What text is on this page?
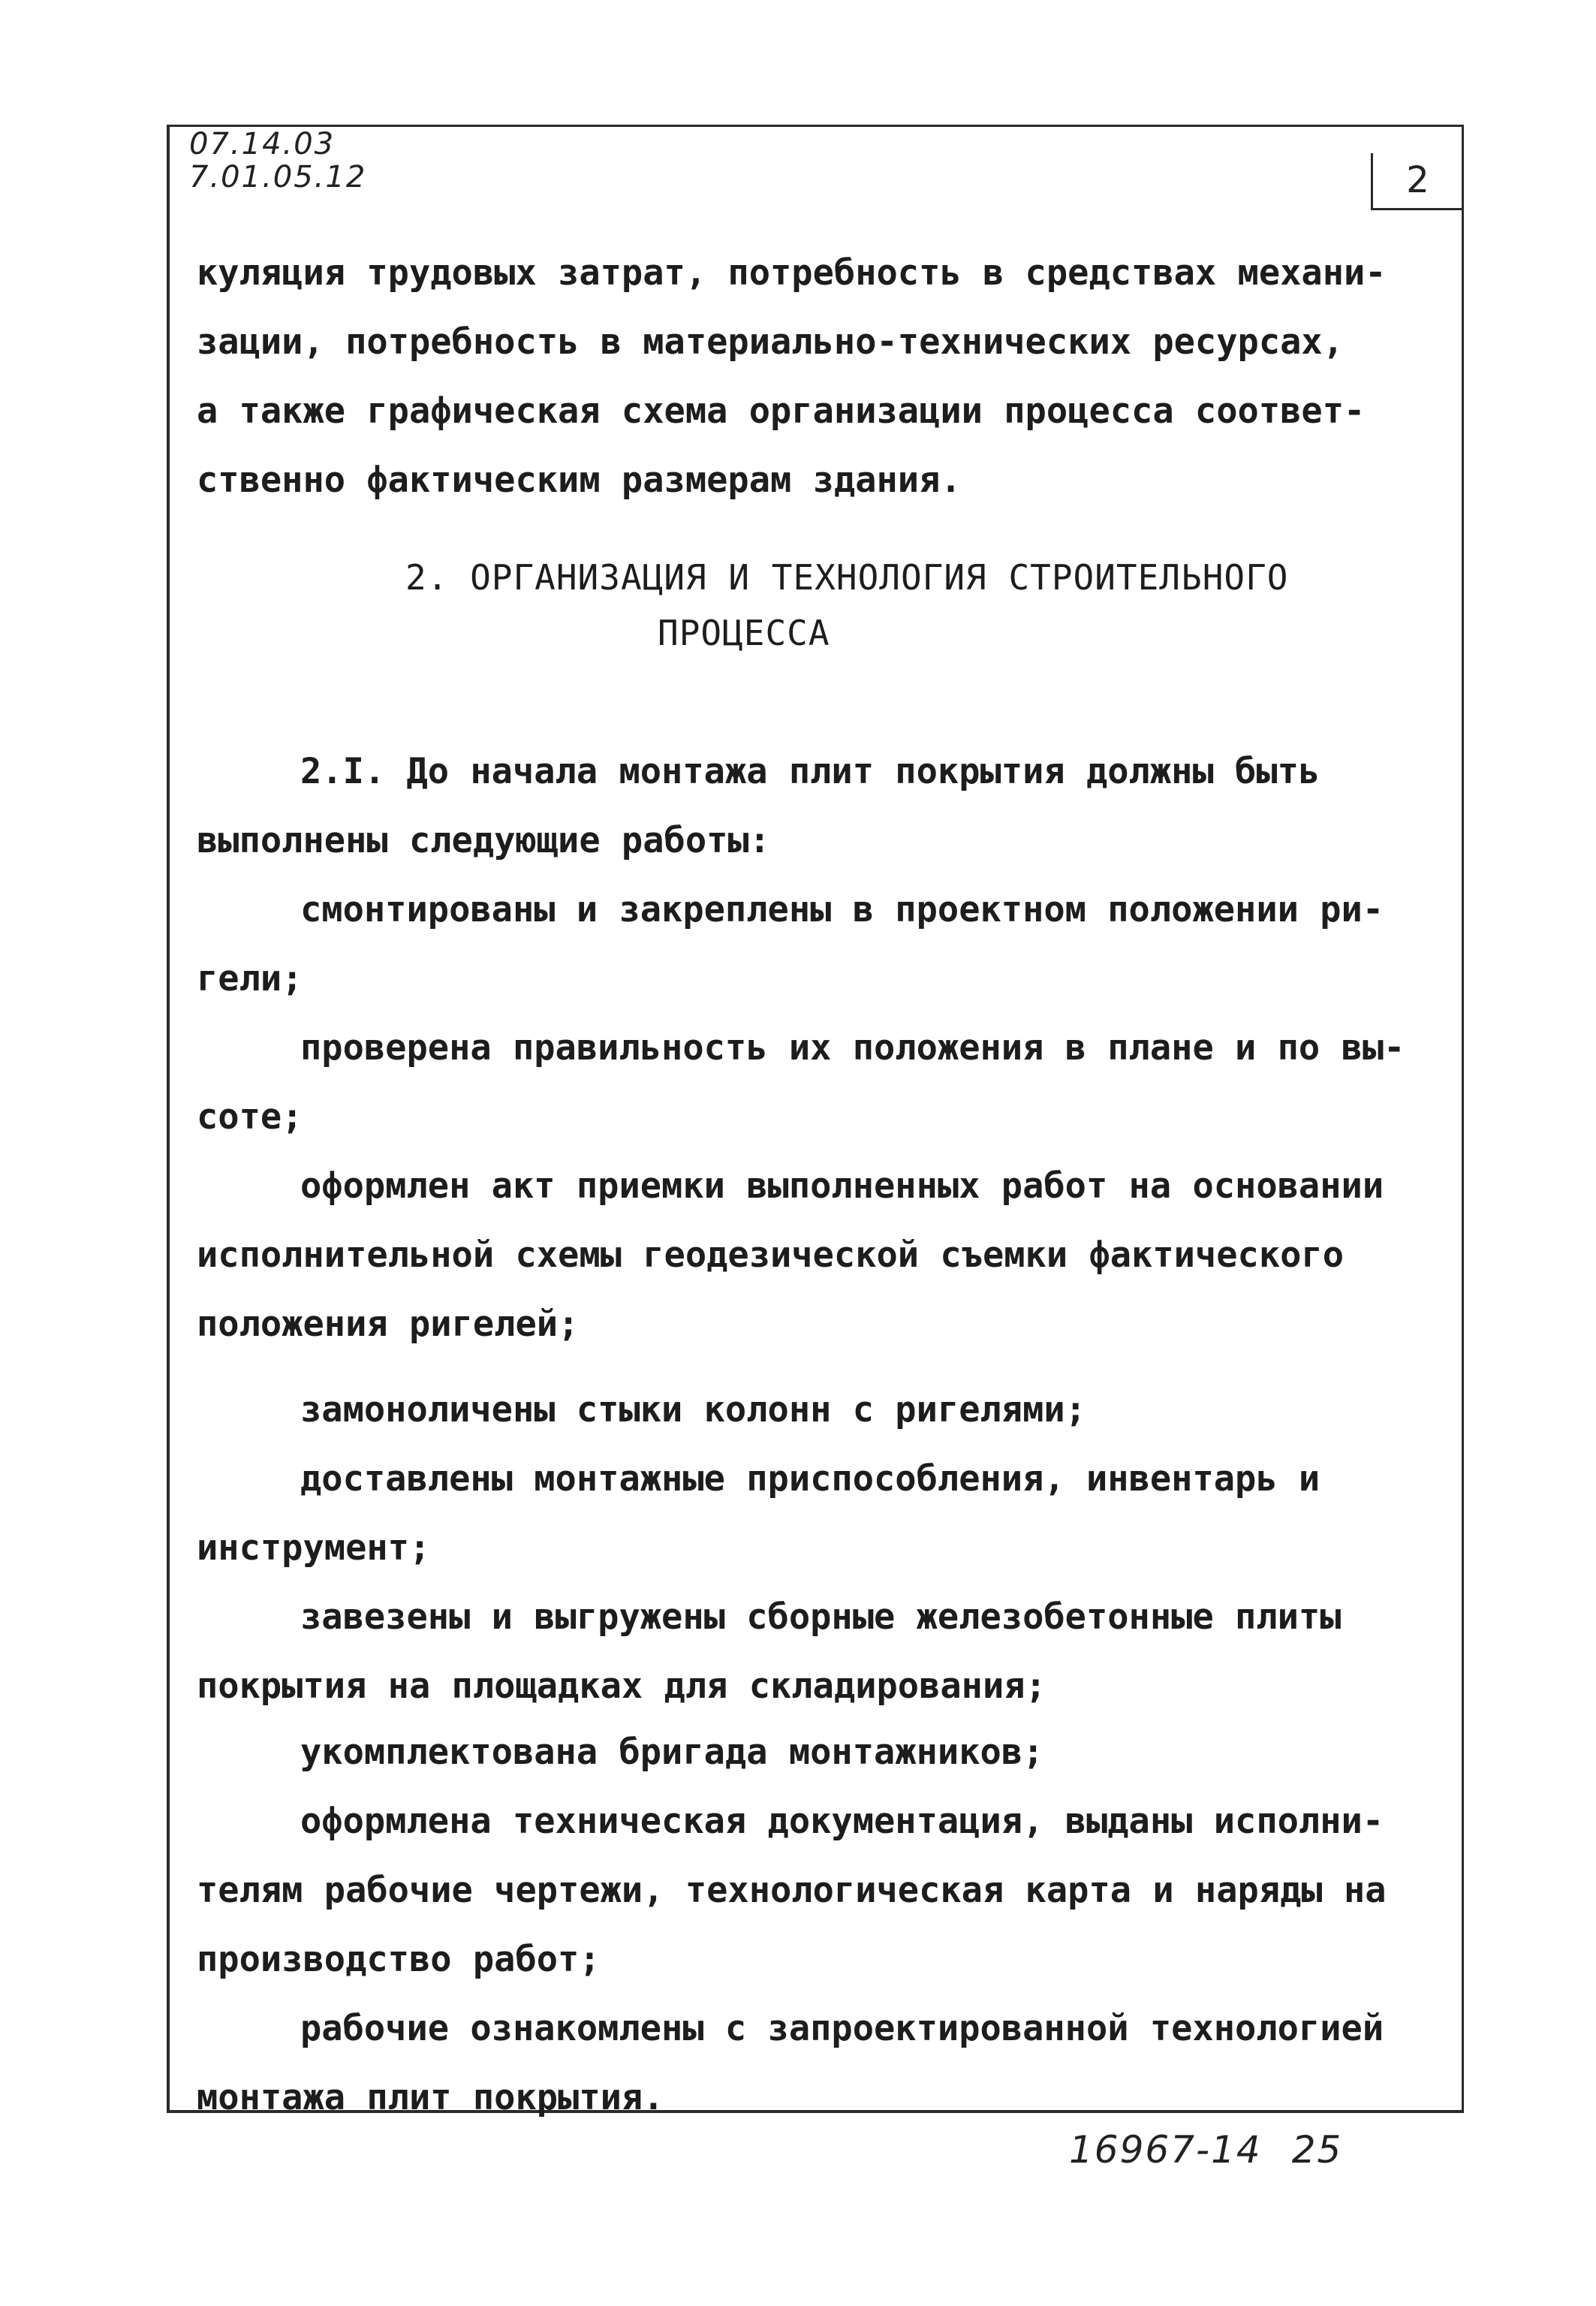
07.14.03
7.01.05.12	2
куляция трудовых затрат, потребность в средствах механи-
зации, потребность в материально-технических ресурсах,
а также графическая схема организации процесса соответ-
ственно фактическим размерам здания.
2. ОРГАНИЗАЦИЯ И ТЕХНОЛОГИЯ СТРОИТЕЛЬНОГО
ПРОЦЕССА
2.I. До начала монтажа плит покрытия должны быть
выполнены следующие работы:
смонтированы и закреплены в проектном положении ри-
гели;
проверена правильность их положения в плане и по вы-
соте;
оформлен акт приемки выполненных работ на основании
исполнительной схемы геодезической съемки фактического
положения ригелей;
замоноличены стыки колонн с ригелями;
доставлены монтажные приспособления, инвентарь и
инструмент;
завезены и выгружены сборные железобетонные плиты
покрытия на площадках для складирования;
укомплектована бригада монтажников;
оформлена техническая документация, выданы исполни-
телям рабочие чертежи, технологическая карта и наряды на
производство работ;
рабочие ознакомлены с запроектированной технологией
монтажа плит покрытия.
16967-14 25
